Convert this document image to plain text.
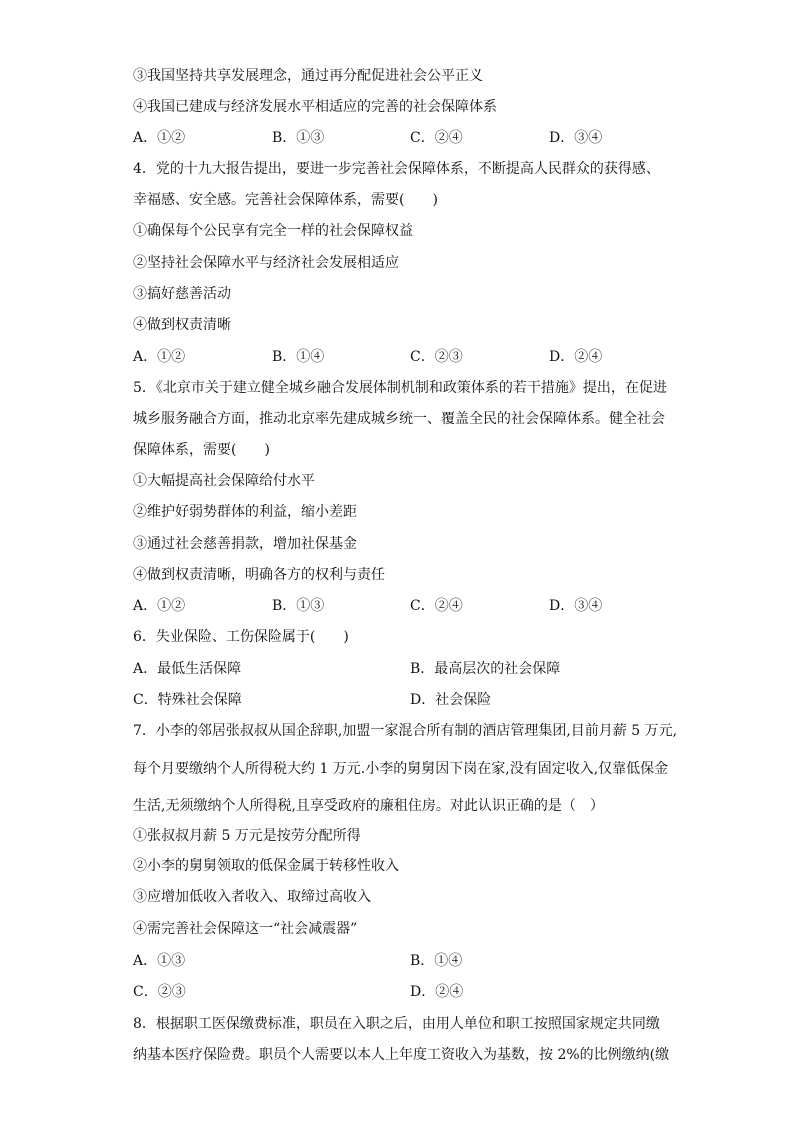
③我国坚持共享发展理念，通过再分配促进社会公平正义
④我国已建成与经济发展水平相适应的完善的社会保障体系
A．①②	B．①③	C．②④	D．③④
4．党的十九大报告提出，要进一步完善社会保障体系，不断提高人民群众的获得感、
幸福感、安全感。完善社会保障体系，需要(　　)
①确保每个公民享有完全一样的社会保障权益
②坚持社会保障水平与经济社会发展相适应
③搞好慈善活动
④做到权责清晰
A．①②	B．①④	C．②③	D．②④
5．《北京市关于建立健全城乡融合发展体制机制和政策体系的若干措施》提出，在促进
城乡服务融合方面，推动北京率先建成城乡统一、覆盖全民的社会保障体系。健全社会
保障体系，需要(　　)
①大幅提高社会保障给付水平
②维护好弱势群体的利益，缩小差距
③通过社会慈善捐款，增加社保基金
④做到权责清晰，明确各方的权利与责任
A．①②	B．①③	C．②④	D．③④
6．失业保险、工伤保险属于(　　)
A．最低生活保障	B．最高层次的社会保障
C．特殊社会保障	D．社会保险
7．小李的邻居张叔叔从国企辞职,加盟一家混合所有制的酒店管理集团,目前月薪 5 万元,
每个月要缴纳个人所得税大约 1 万元.小李的舅舅因下岗在家,没有固定收入,仅靠低保金
生活,无须缴纳个人所得税,且享受政府的廉租住房。对此认识正确的是（　）
①张叔叔月薪 5 万元是按劳分配所得
②小李的舅舅领取的低保金属于转移性收入
③应增加低收入者收入、取缔过高收入
④需完善社会保障这一“社会减震器”
A．①③	B．①④
C．②③	D．②④
8．根据职工医保缴费标准，职员在入职之后，由用人单位和职工按照国家规定共同缴
纳基本医疗保险费。职员个人需要以本人上年度工资收入为基数，按 2%的比例缴纳(缴
